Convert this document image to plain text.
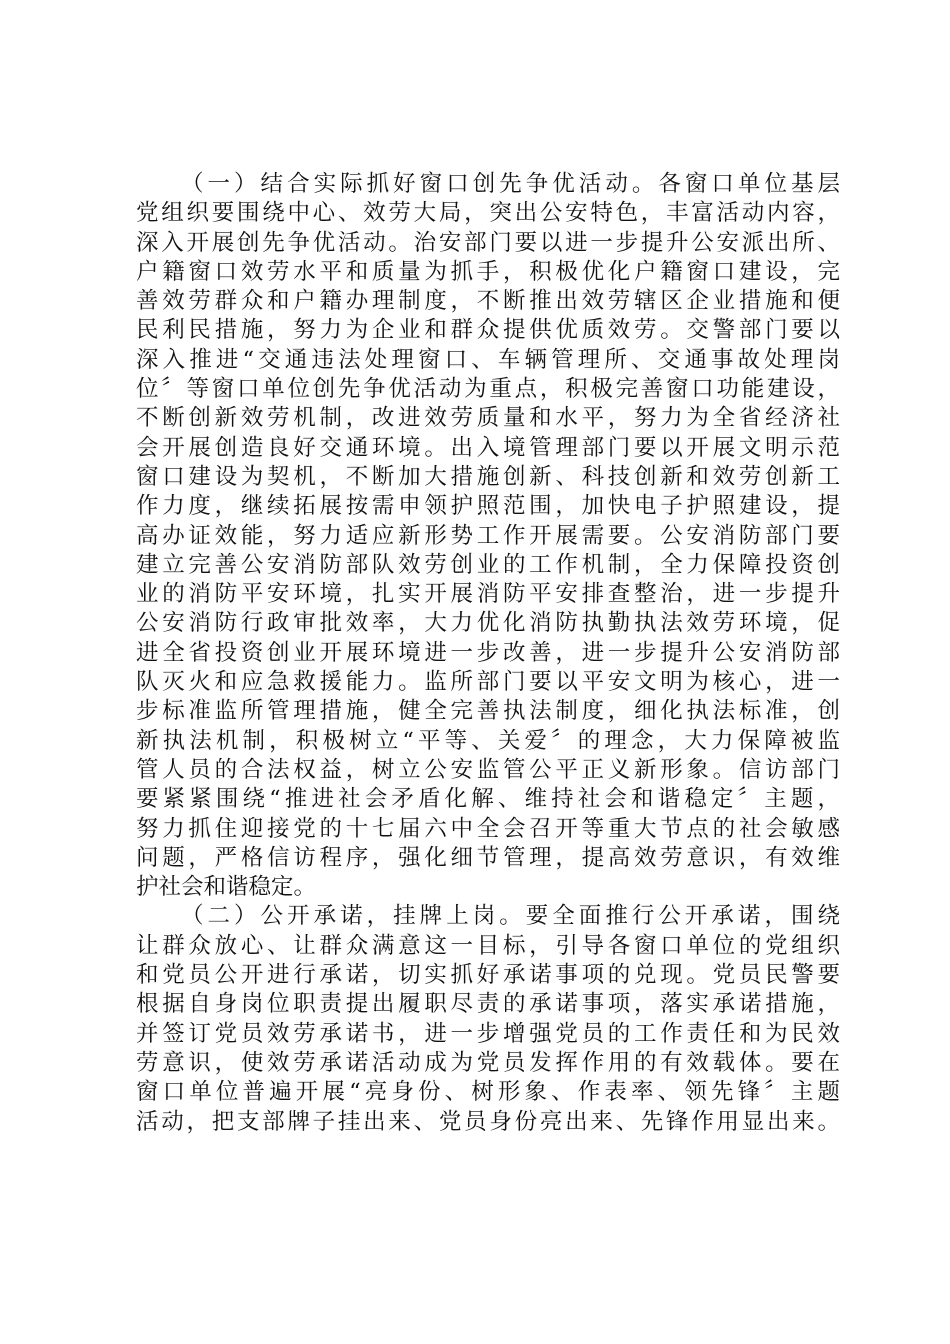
（一）结合实际抓好窗口创先争优活动。各窗口单位基层
党组织要围绕中心、效劳大局，突出公安特色，丰富活动内容，
深入开展创先争优活动。治安部门要以进一步提升公安派出所、
户籍窗口效劳水平和质量为抓手，积极优化户籍窗口建设，完
善效劳群众和户籍办理制度，不断推出效劳辖区企业措施和便
民利民措施，努力为企业和群众提供优质效劳。交警部门要以
深入推进“交通违法处理窗口、车辆管理所、交通事故处理岗
位〞等窗口单位创先争优活动为重点，积极完善窗口功能建设，
不断创新效劳机制，改进效劳质量和水平，努力为全省经济社
会开展创造良好交通环境。出入境管理部门要以开展文明示范
窗口建设为契机，不断加大措施创新、科技创新和效劳创新工
作力度，继续拓展按需申领护照范围，加快电子护照建设，提
高办证效能，努力适应新形势工作开展需要。公安消防部门要
建立完善公安消防部队效劳创业的工作机制，全力保障投资创
业的消防平安环境，扎实开展消防平安排查整治，进一步提升
公安消防行政审批效率，大力优化消防执勤执法效劳环境，促
进全省投资创业开展环境进一步改善，进一步提升公安消防部
队灭火和应急救援能力。监所部门要以平安文明为核心，进一
步标准监所管理措施，健全完善执法制度，细化执法标准，创
新执法机制，积极树立“平等、关爱〞的理念，大力保障被监
管人员的合法权益，树立公安监管公平正义新形象。信访部门
要紧紧围绕“推进社会矛盾化解、维持社会和谐稳定〞主题，
努力抓住迎接党的十七届六中全会召开等重大节点的社会敏感
问题，严格信访程序，强化细节管理，提高效劳意识，有效维
护社会和谐稳定。
（二）公开承诺，挂牌上岗。要全面推行公开承诺，围绕
让群众放心、让群众满意这一目标，引导各窗口单位的党组织
和党员公开进行承诺，切实抓好承诺事项的兑现。党员民警要
根据自身岗位职责提出履职尽责的承诺事项，落实承诺措施，
并签订党员效劳承诺书，进一步增强党员的工作责任和为民效
劳意识，使效劳承诺活动成为党员发挥作用的有效载体。要在
窗口单位普遍开展“亮身份、树形象、作表率、领先锋〞主题
活动，把支部牌子挂出来、党员身份亮出来、先锋作用显出来。
